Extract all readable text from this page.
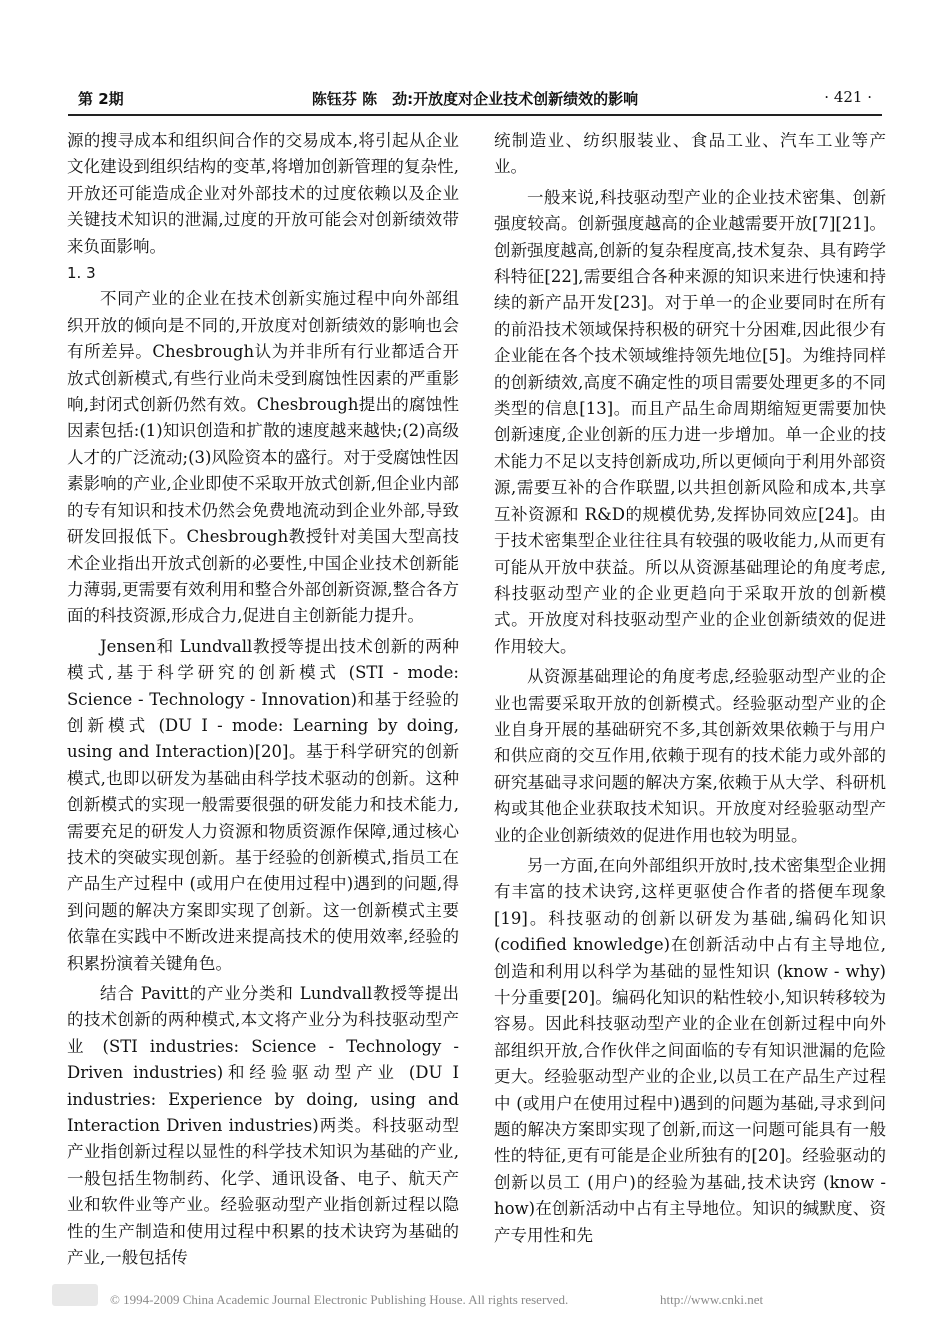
第 2期	陈钰芬 陈　劲:开放度对企业技术创新绩效的影响	· 421 ·

源的搜寻成本和组织间合作的交易成本,将引起从企业文化建设到组织结构的变革,将增加创新管理的复杂性,开放还可能造成企业对外部技术的过度依赖以及企业关键技术知识的泄漏,过度的开放可能会对创新绩效带来负面影响。

1. 3

不同产业的企业在技术创新实施过程中向外部组织开放的倾向是不同的,开放度对创新绩效的影响也会有所差异。Chesbrough认为并非所有行业都适合开放式创新模式,有些行业尚未受到腐蚀性因素的严重影响,封闭式创新仍然有效。Chesbrough提出的腐蚀性因素包括:(1)知识创造和扩散的速度越来越快;(2)高级人才的广泛流动;(3)风险资本的盛行。对于受腐蚀性因素影响的产业,企业即使不采取开放式创新,但企业内部的专有知识和技术仍然会免费地流动到企业外部,导致研发回报低下。Chesbrough教授针对美国大型高技术企业指出开放式创新的必要性,中国企业技术创新能力薄弱,更需要有效利用和整合外部创新资源,整合各方面的科技资源,形成合力,促进自主创新能力提升。

Jensen和 Lundvall教授等提出技术创新的两种模式,基于科学研究的创新模式 (STI - mode: Science - Technology - Innovation)和基于经验的创新模式 (DU I - mode: Learning by doing, using and Interaction)[20]。基于科学研究的创新模式,也即以研发为基础由科学技术驱动的创新。这种创新模式的实现一般需要很强的研发能力和技术能力,需要充足的研发人力资源和物质资源作保障,通过核心技术的突破实现创新。基于经验的创新模式,指员工在产品生产过程中 (或用户在使用过程中)遇到的问题,得到问题的解决方案即实现了创新。这一创新模式主要依靠在实践中不断改进来提高技术的使用效率,经验的积累扮演着关键角色。

结合 Pavitt的产业分类和 Lundvall教授等提出的技术创新的两种模式,本文将产业分为科技驱动型产业 (STI industries: Science - Technology - Driven industries)和经验驱动型产业 (DU I industries: Experience by doing, using and Interaction Driven industries)两类。科技驱动型产业指创新过程以显性的科学技术知识为基础的产业,一般包括生物制药、化学、通讯设备、电子、航天产业和软件业等产业。经验驱动型产业指创新过程以隐性的生产制造和使用过程中积累的技术诀窍为基础的产业,一般包括传

统制造业、纺织服装业、食品工业、汽车工业等产业。

一般来说,科技驱动型产业的企业技术密集、创新强度较高。创新强度越高的企业越需要开放[7][21]。创新强度越高,创新的复杂程度高,技术复杂、具有跨学科特征[22],需要组合各种来源的知识来进行快速和持续的新产品开发[23]。对于单一的企业要同时在所有的前沿技术领域保持积极的研究十分困难,因此很少有企业能在各个技术领域维持领先地位[5]。为维持同样的创新绩效,高度不确定性的项目需要处理更多的不同类型的信息[13]。而且产品生命周期缩短更需要加快创新速度,企业创新的压力进一步增加。单一企业的技术能力不足以支持创新成功,所以更倾向于利用外部资源,需要互补的合作联盟,以共担创新风险和成本,共享互补资源和 R&D的规模优势,发挥协同效应[24]。由于技术密集型企业往往具有较强的吸收能力,从而更有可能从开放中获益。所以从资源基础理论的角度考虑,科技驱动型产业的企业更趋向于采取开放的创新模式。开放度对科技驱动型产业的企业创新绩效的促进作用较大。

从资源基础理论的角度考虑,经验驱动型产业的企业也需要采取开放的创新模式。经验驱动型产业的企业自身开展的基础研究不多,其创新效果依赖于与用户和供应商的交互作用,依赖于现有的技术能力或外部的研究基础寻求问题的解决方案,依赖于从大学、科研机构或其他企业获取技术知识。开放度对经验驱动型产业的企业创新绩效的促进作用也较为明显。

另一方面,在向外部组织开放时,技术密集型企业拥有丰富的技术诀窍,这样更驱使合作者的搭便车现象[19]。科技驱动的创新以研发为基础,编码化知识 (codified knowledge)在创新活动中占有主导地位,创造和利用以科学为基础的显性知识 (know - why)十分重要[20]。编码化知识的粘性较小,知识转移较为容易。因此科技驱动型产业的企业在创新过程中向外部组织开放,合作伙伴之间面临的专有知识泄漏的危险更大。经验驱动型产业的企业,以员工在产品生产过程中 (或用户在使用过程中)遇到的问题为基础,寻求到问题的解决方案即实现了创新,而这一问题可能具有一般性的特征,更有可能是企业所独有的[20]。经验驱动的创新以员工 (用户)的经验为基础,技术诀窍 (know - how)在创新活动中占有主导地位。知识的缄默度、资产专用性和先

© 1994-2009 China Academic Journal Electronic Publishing House. All rights reserved.	http://www.cnki.net
